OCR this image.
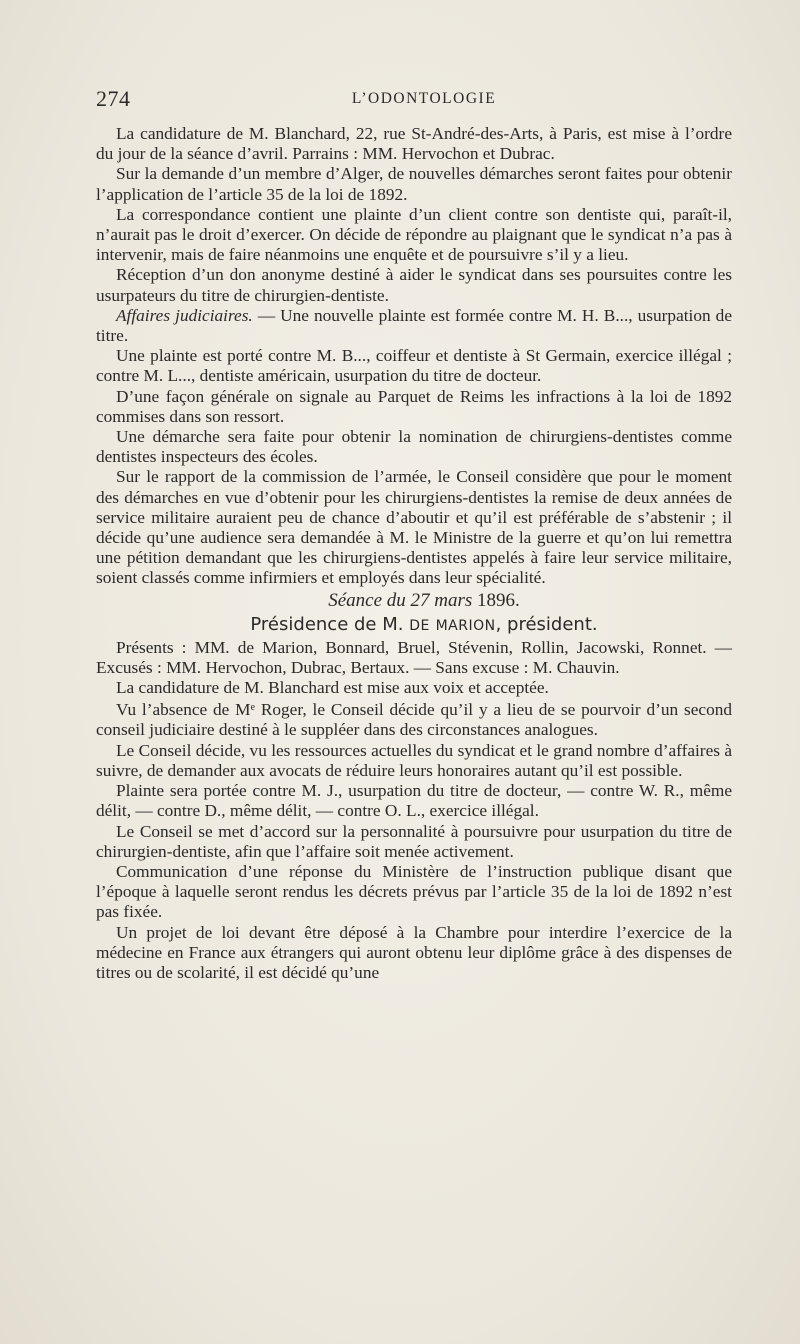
274	L’ODONTOLOGIE

La candidature de M. Blanchard, 22, rue St-André-des-Arts, à Paris, est mise à l’ordre du jour de la séance d’avril. Parrains : MM. Hervochon et Dubrac.

Sur la demande d’un membre d’Alger, de nouvelles démarches seront faites pour obtenir l’application de l’article 35 de la loi de 1892.

La correspondance contient une plainte d’un client contre son dentiste qui, paraît-il, n’aurait pas le droit d’exercer. On décide de répondre au plaignant que le syndicat n’a pas à intervenir, mais de faire néanmoins une enquête et de poursuivre s’il y a lieu.

Réception d’un don anonyme destiné à aider le syndicat dans ses poursuites contre les usurpateurs du titre de chirurgien-dentiste.

Affaires judiciaires. — Une nouvelle plainte est formée contre M. H. B..., usurpation de titre.

Une plainte est porté contre M. B..., coiffeur et dentiste à St Germain, exercice illégal ; contre M. L..., dentiste américain, usurpation du titre de docteur.

D’une façon générale on signale au Parquet de Reims les infractions à la loi de 1892 commises dans son ressort.

Une démarche sera faite pour obtenir la nomination de chirurgiens-dentistes comme dentistes inspecteurs des écoles.

Sur le rapport de la commission de l’armée, le Conseil considère que pour le moment des démarches en vue d’obtenir pour les chirurgiens-dentistes la remise de deux années de service militaire auraient peu de chance d’aboutir et qu’il est préférable de s’abstenir ; il décide qu’une audience sera demandée à M. le Ministre de la guerre et qu’on lui remettra une pétition demandant que les chirurgiens-dentistes appelés à faire leur service militaire, soient classés comme infirmiers et employés dans leur spécialité.

Séance du 27 mars 1896.

Présidence de M. DE MARION, président.

Présents : MM. de Marion, Bonnard, Bruel, Stévenin, Rollin, Jacowski, Ronnet. — Excusés : MM. Hervochon, Dubrac, Bertaux. — Sans excuse : M. Chauvin.

La candidature de M. Blanchard est mise aux voix et acceptée.

Vu l’absence de Me Roger, le Conseil décide qu’il y a lieu de se pourvoir d’un second conseil judiciaire destiné à le suppléer dans des circonstances analogues.

Le Conseil décide, vu les ressources actuelles du syndicat et le grand nombre d’affaires à suivre, de demander aux avocats de réduire leurs honoraires autant qu’il est possible.

Plainte sera portée contre M. J., usurpation du titre de docteur, — contre W. R., même délit, — contre D., même délit, — contre O. L., exercice illégal.

Le Conseil se met d’accord sur la personnalité à poursuivre pour usurpation du titre de chirurgien-dentiste, afin que l’affaire soit menée activement.

Communication d’une réponse du Ministère de l’instruction publique disant que l’époque à laquelle seront rendus les décrets prévus par l’article 35 de la loi de 1892 n’est pas fixée.

Un projet de loi devant être déposé à la Chambre pour interdire l’exercice de la médecine en France aux étrangers qui auront obtenu leur diplôme grâce à des dispenses de titres ou de scolarité, il est décidé qu’une
